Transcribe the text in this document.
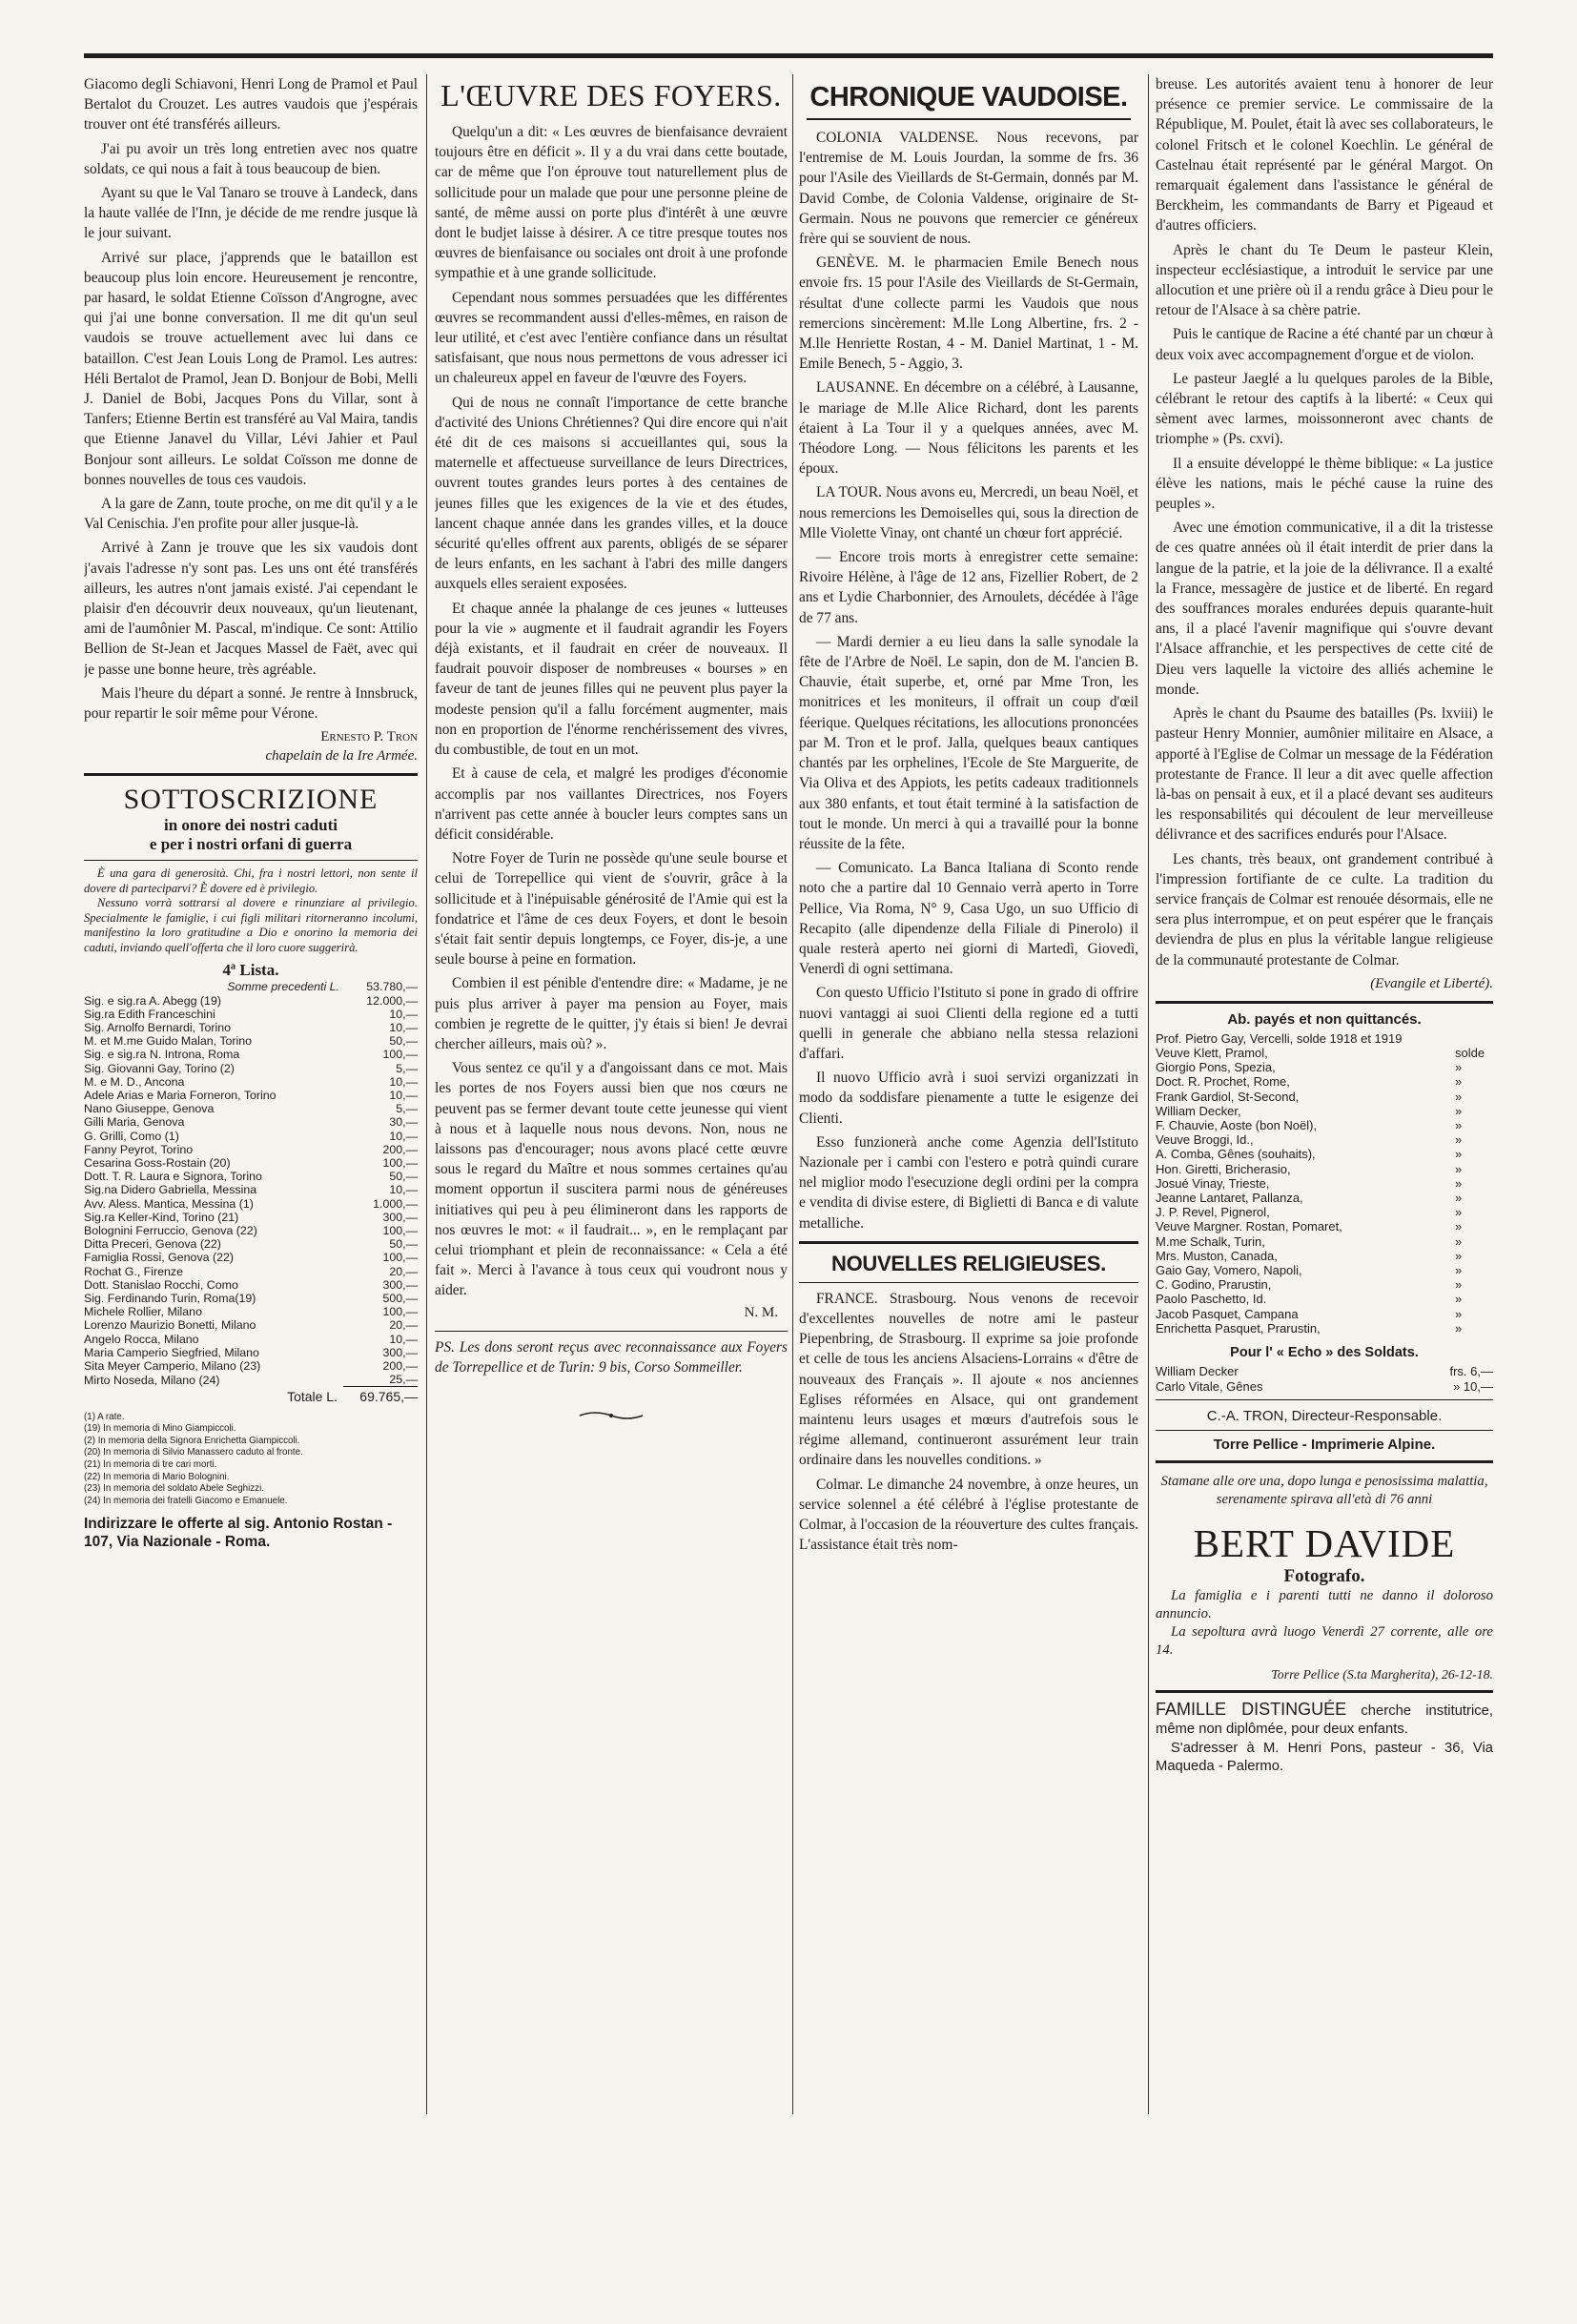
Giacomo degli Schiavoni, Henri Long de Pramol et Paul Bertalot du Crouzet. Les autres vaudois que j'espérais trouver ont été transférés ailleurs.

J'ai pu avoir un très long entretien avec nos quatre soldats, ce qui nous a fait à tous beaucoup de bien.

Ayant su que le Val Tanaro se trouve à Landeck, dans la haute vallée de l'Inn, je décide de me rendre jusque là le jour suivant.

Arrivé sur place, j'apprends que le bataillon est beaucoup plus loin encore. Heureusement je rencontre, par hasard, le soldat Etienne Coïsson d'Angrogne, avec qui j'ai une bonne conversation. Il me dit qu'un seul vaudois se trouve actuellement avec lui dans ce bataillon. C'est Jean Louis Long de Pramol. Les autres: Héli Bertalot de Pramol, Jean D. Bonjour de Bobi, Melli J. Daniel de Bobi, Jacques Pons du Villar, sont à Tanfers; Etienne Bertin est transféré au Val Maira, tandis que Etienne Janavel du Villar, Lévi Jahier et Paul Bonjour sont ailleurs. Le soldat Coïsson me donne de bonnes nouvelles de tous ces vaudois.

A la gare de Zann, toute proche, on me dit qu'il y a le Val Cenischia. J'en profite pour aller jusque-là.

Arrivé à Zann je trouve que les six vaudois dont j'avais l'adresse n'y sont pas. Les uns ont été transférés ailleurs, les autres n'ont jamais existé. J'ai cependant le plaisir d'en découvrir deux nouveaux, qu'un lieutenant, ami de l'aumônier M. Pascal, m'indique. Ce sont: Attilio Bellion de St-Jean et Jacques Massel de Faët, avec qui je passe une bonne heure, très agréable.

Mais l'heure du départ a sonné. Je rentre à Innsbruck, pour repartir le soir même pour Vérone.

Ernesto P. Tron
chapelain de la Ire Armée.
SOTTOSCRIZIONE
in onore dei nostri caduti
e per i nostri orfani di guerra
È una gara di generosità. Chi, fra i nostri lettori, non sente il dovere di parteciparvi? È dovere ed è privilegio.
Nessuno vorrà sottrarsi al dovere e rinunziare al privilegio. Specialmente le famiglie, i cui figli militari ritorneranno incolumi, manifestino la loro gratitudine a Dio e onorino la memoria dei caduti, inviando quell'offerta che il loro cuore suggerirà.
4ª Lista.
Somme precedenti L.	53.780,—
Sig. e sig.ra A. Abegg (19)	12.000,—
Sig.ra Edith Franceschini	10,—
Sig. Arnolfo Bernardi, Torino	10,—
M. et M.me Guido Malan, Torino	50,—
Sig. e sig.ra N. Introna, Roma	100,—
Sig. Giovanni Gay, Torino (2)	5,—
M. e M. D., Ancona	10,—
Adele Arias e Maria Forneron, Torino	10,—
Nano Giuseppe, Genova	5,—
Gilli Maria, Genova	30,—
G. Grilli, Como (1)	10,—
Fanny Peyrot, Torino	200,—
Cesarina Goss-Rostain (20)	100,—
Dott. T. R. Laura e Signora, Torino	50,—
Sig.na Didero Gabriella, Messina	10,—
Avv. Aless. Mantica, Messina (1)	1.000,—
Sig.ra Keller-Kind, Torino (21)	300,—
Bolognini Ferruccio, Genova (22)	100,—
Ditta Preceri, Genova (22)	50,—
Famiglia Rossi, Genova (22)	100,—
Rochat G., Firenze	20,—
Dott. Stanislao Rocchi, Como	300,—
Sig. Ferdinando Turin, Roma(19)	500,—
Michele Rollier, Milano	100,—
Lorenzo Maurizio Bonetti, Milano	20,—
Angelo Rocca, Milano	10,—
Maria Camperio Siegfried, Milano	300,—
Sita Meyer Camperio, Milano (23)	200,—
Mirto Noseda, Milano (24)	25,—
Totale L.	69.765,—
(1) A rate.
(19) In memoria di Mino Giampiccoli.
(2) In memoria della Signora Enrichetta Giampiccoli.
(20) In memoria di Silvio Manassero caduto al fronte.
(21) In memoria di tre cari morti.
(22) In memoria di Mario Bolognini.
(23) In memoria del soldato Abele Seghizzi.
(24) In memoria dei fratelli Giacomo e Emanuele.
Indirizzare le offerte al sig. Antonio Rostan - 107, Via Nazionale - Roma.
L'ŒUVRE DES FOYERS.

Quelqu'un a dit: « Les œuvres de bienfaisance devraient toujours être en déficit ». Il y a du vrai dans cette boutade, car de même que l'on éprouve tout naturellement plus de sollicitude pour un malade que pour une personne pleine de santé, de même aussi on porte plus d'intérêt à une œuvre dont le budjet laisse à désirer. A ce titre presque toutes nos œuvres de bienfaisance ou sociales ont droit à une profonde sympathie et à une grande sollicitude.

Cependant nous sommes persuadées que les différentes œuvres se recommandent aussi d'elles-mêmes, en raison de leur utilité, et c'est avec l'entière confiance dans un résultat satisfaisant, que nous nous permettons de vous adresser ici un chaleureux appel en faveur de l'œuvre des Foyers.

Qui de nous ne connaît l'importance de cette branche d'activité des Unions Chrétiennes? Qui dire encore qui n'ait été dit de ces maisons si accueillantes qui, sous la maternelle et affectueuse surveillance de leurs Directrices, ouvrent toutes grandes leurs portes à des centaines de jeunes filles que les exigences de la vie et des études, lancent chaque année dans les grandes villes, et la douce sécurité qu'elles offrent aux parents, obligés de se séparer de leurs enfants, en les sachant à l'abri des mille dangers auxquels elles seraient exposées.

Et chaque année la phalange de ces jeunes « lutteuses pour la vie » augmente et il faudrait agrandir les Foyers déjà existants, et il faudrait en créer de nouveaux. Il faudrait pouvoir disposer de nombreuses « bourses » en faveur de tant de jeunes filles qui ne peuvent plus payer la modeste pension qu'il a fallu forcément augmenter, mais non en proportion de l'énorme renchérissement des vivres, du combustible, de tout en un mot.

Et à cause de cela, et malgré les prodiges d'économie accomplis par nos vaillantes Directrices, nos Foyers n'arrivent pas cette année à boucler leurs comptes sans un déficit considérable.

Notre Foyer de Turin ne possède qu'une seule bourse et celui de Torrepellice qui vient de s'ouvrir, grâce à la sollicitude et à l'inépuisable générosité de l'Amie qui est la fondatrice et l'âme de ces deux Foyers, et dont le besoin s'était fait sentir depuis longtemps, ce Foyer, dis-je, a une seule bourse à peine en formation.

Combien il est pénible d'entendre dire: « Madame, je ne puis plus arriver à payer ma pension au Foyer, mais combien je regrette de le quitter, j'y étais si bien! Je devrai chercher ailleurs, mais où? ».

Vous sentez ce qu'il y a d'angoissant dans ce mot. Mais les portes de nos Foyers aussi bien que nos cœurs ne peuvent pas se fermer devant toute cette jeunesse qui vient à nous et à laquelle nous nous devons. Non, nous ne laissons pas d'encourager; nous avons placé cette œuvre sous le regard du Maître et nous sommes certaines qu'au moment opportun il suscitera parmi nous de généreuses initiatives qui peu à peu élimineront dans les rapports de nos œuvres le mot: « il faudrait... », en le remplaçant par celui triomphant et plein de reconnaissance: « Cela a été fait ». Merci à l'avance à tous ceux qui voudront nous y aider.

N. M.
PS. Les dons seront reçus avec reconnaissance aux Foyers de Torrepellice et de Turin: 9 bis, Corso Sommeiller.
CHRONIQUE VAUDOISE.

COLONIA VALDENSE. Nous recevons, par l'entremise de M. Louis Jourdan, la somme de frs. 36 pour l'Asile des Vieillards de St-Germain, donnés par M. David Combe, de Colonia Valdense, originaire de St-Germain. Nous ne pouvons que remercier ce généreux frère qui se souvient de nous.

GENÈVE. M. le pharmacien Emile Benech nous envoie frs. 15 pour l'Asile des Vieillards de St-Germain, résultat d'une collecte parmi les Vaudois que nous remercions sincèrement: M.lle Long Albertine, frs. 2 - M.lle Henriette Rostan, 4 - M. Daniel Martinat, 1 - M. Emile Benech, 5 - Aggio, 3.

LAUSANNE. En décembre on a célébré, à Lausanne, le mariage de M.lle Alice Richard, dont les parents étaient à La Tour il y a quelques années, avec M. Théodore Long. — Nous félicitons les parents et les époux.

LA TOUR. Nous avons eu, Mercredi, un beau Noël, et nous remercions les Demoiselles qui, sous la direction de Mlle Violette Vinay, ont chanté un chœur fort apprécié.

— Encore trois morts à enregistrer cette semaine: Rivoire Hélène, à l'âge de 12 ans, Fizellier Robert, de 2 ans et Lydie Charbonnier, des Arnoulets, décédée à l'âge de 77 ans.

— Mardi dernier a eu lieu dans la salle synodale la fête de l'Arbre de Noël. Le sapin, don de M. l'ancien B. Chauvie, était superbe, et, orné par Mme Tron, les monitrices et les moniteurs, il offrait un coup d'œil féerique. Quelques récitations, les allocutions prononcées par M. Tron et le prof. Jalla, quelques beaux cantiques chantés par les orphelines, l'Ecole de Ste Marguerite, de Via Oliva et des Appiots, les petits cadeaux traditionnels aux 380 enfants, et tout était terminé à la satisfaction de tout le monde. Un merci à qui a travaillé pour la bonne réussite de la fête.

— Comunicato. La Banca Italiana di Sconto rende noto che a partire dal 10 Gennaio verrà aperto in Torre Pellice, Via Roma, N° 9, Casa Ugo, un suo Ufficio di Recapito (alle dipendenze della Filiale di Pinerolo) il quale resterà aperto nei giorni di Martedì, Giovedì, Venerdì di ogni settimana.

Con questo Ufficio l'Istituto si pone in grado di offrire nuovi vantaggi ai suoi Clienti della regione ed a tutti quelli in generale che abbiano nella stessa relazioni d'affari.

Il nuovo Ufficio avrà i suoi servizi organizzati in modo da soddisfare pienamente a tutte le esigenze dei Clienti.

Esso funzionerà anche come Agenzia dell'Istituto Nazionale per i cambi con l'estero e potrà quindi curare nel miglior modo l'esecuzione degli ordini per la compra e vendita di divise estere, di Biglietti di Banca e di valute metalliche.

NOUVELLES RELIGIEUSES.

FRANCE. Strasbourg. Nous venons de recevoir d'excellentes nouvelles de notre ami le pasteur Piepenbring, de Strasbourg. Il exprime sa joie profonde et celle de tous les anciens Alsaciens-Lorrains « d'être de nouveaux des Français ». Il ajoute « nos anciennes Eglises réformées en Alsace, qui ont grandement maintenu leurs usages et mœurs d'autrefois sous le régime allemand, continueront assurément leur train ordinaire dans les nouvelles conditions. »

Colmar. Le dimanche 24 novembre, à onze heures, un service solennel a été célébré à l'église protestante de Colmar, à l'occasion de la réouverture des cultes français. L'assistance était très nom-

breuse. Les autorités avaient tenu à honorer de leur présence ce premier service. Le commissaire de la République, M. Poulet, était là avec ses collaborateurs, le colonel Fritsch et le colonel Koechlin. Le général de Castelnau était représenté par le général Margot. On remarquait également dans l'assistance le général de Berckheim, les commandants de Barry et Pigeaud et d'autres officiers.

Après le chant du Te Deum le pasteur Klein, inspecteur ecclésiastique, a introduit le service par une allocution et une prière où il a rendu grâce à Dieu pour le retour de l'Alsace à sa chère patrie.

Puis le cantique de Racine a été chanté par un chœur à deux voix avec accompagnement d'orgue et de violon.

Le pasteur Jaeglé a lu quelques paroles de la Bible, célébrant le retour des captifs à la liberté: « Ceux qui sèment avec larmes, moissonneront avec chants de triomphe » (Ps. cxvi).

Il a ensuite développé le thème biblique: « La justice élève les nations, mais le péché cause la ruine des peuples ».

Avec une émotion communicative, il a dit la tristesse de ces quatre années où il était interdit de prier dans la langue de la patrie, et la joie de la délivrance. Il a exalté la France, messagère de justice et de liberté. En regard des souffrances morales endurées depuis quarante-huit ans, il a placé l'avenir magnifique qui s'ouvre devant l'Alsace affranchie, et les perspectives de cette cité de Dieu vers laquelle la victoire des alliés achemine le monde.

Après le chant du Psaume des batailles (Ps. lxviii) le pasteur Henry Monnier, aumônier militaire en Alsace, a apporté à l'Eglise de Colmar un message de la Fédération protestante de France. Il leur a dit avec quelle affection là-bas on pensait à eux, et il a placé devant ses auditeurs les responsabilités qui découlent de leur merveilleuse délivrance et des sacrifices endurés pour l'Alsace.

Les chants, très beaux, ont grandement contribué à l'impression fortifiante de ce culte. La tradition du service français de Colmar est renouée désormais, elle ne sera plus interrompue, et on peut espérer que le français deviendra de plus en plus la véritable langue religieuse de la communauté protestante de Colmar.

(Evangile et Liberté).
Ab. payés et non quittancés.
Prof. Pietro Gay, Vercelli, solde 1918 et 1919	
Veuve Klett, Pramol,	solde
Giorgio Pons, Spezia,	»
Doct. R. Prochet, Rome,	»
Frank Gardiol, St-Second,	»
William Decker,	»
F. Chauvie, Aoste (bon Noël),	»
Veuve Broggi, Id.,	»
A. Comba, Gênes (souhaits),	»
Hon. Giretti, Bricherasio,	»
Josué Vinay, Trieste,	»
Jeanne Lantaret, Pallanza,	»
J. P. Revel, Pignerol,	»
Veuve Margner. Rostan, Pomaret,	»
M.me Schalk, Turin,	»
Mrs. Muston, Canada,	»
Gaio Gay, Vomero, Napoli,	»
C. Godino, Prarustin,	»
Paolo Paschetto, Id.	»
Jacob Pasquet, Campana	»
Enrichetta Pasquet, Prarustin,	»
Pour l' « Echo » des Soldats.
William Decker	frs. 6,—
Carlo Vitale, Gênes	» 10,—
C.-A. TRON, Directeur-Responsable.
Torre Pellice - Imprimerie Alpine.
Stamane alle ore una, dopo lunga e penosissima malattia, serenamente spirava all'età di 76 anni
BERT DAVIDE
Fotografo.
La famiglia e i parenti tutti ne danno il doloroso annuncio.
La sepoltura avrà luogo Venerdì 27 corrente, alle ore 14.
Torre Pellice (S.ta Margherita), 26-12-18.
FAMILLE DISTINGUÉE cherche institutrice, même non diplômée, pour deux enfants.
S'adresser à M. Henri Pons, pasteur - 36, Via Maqueda - Palermo.
